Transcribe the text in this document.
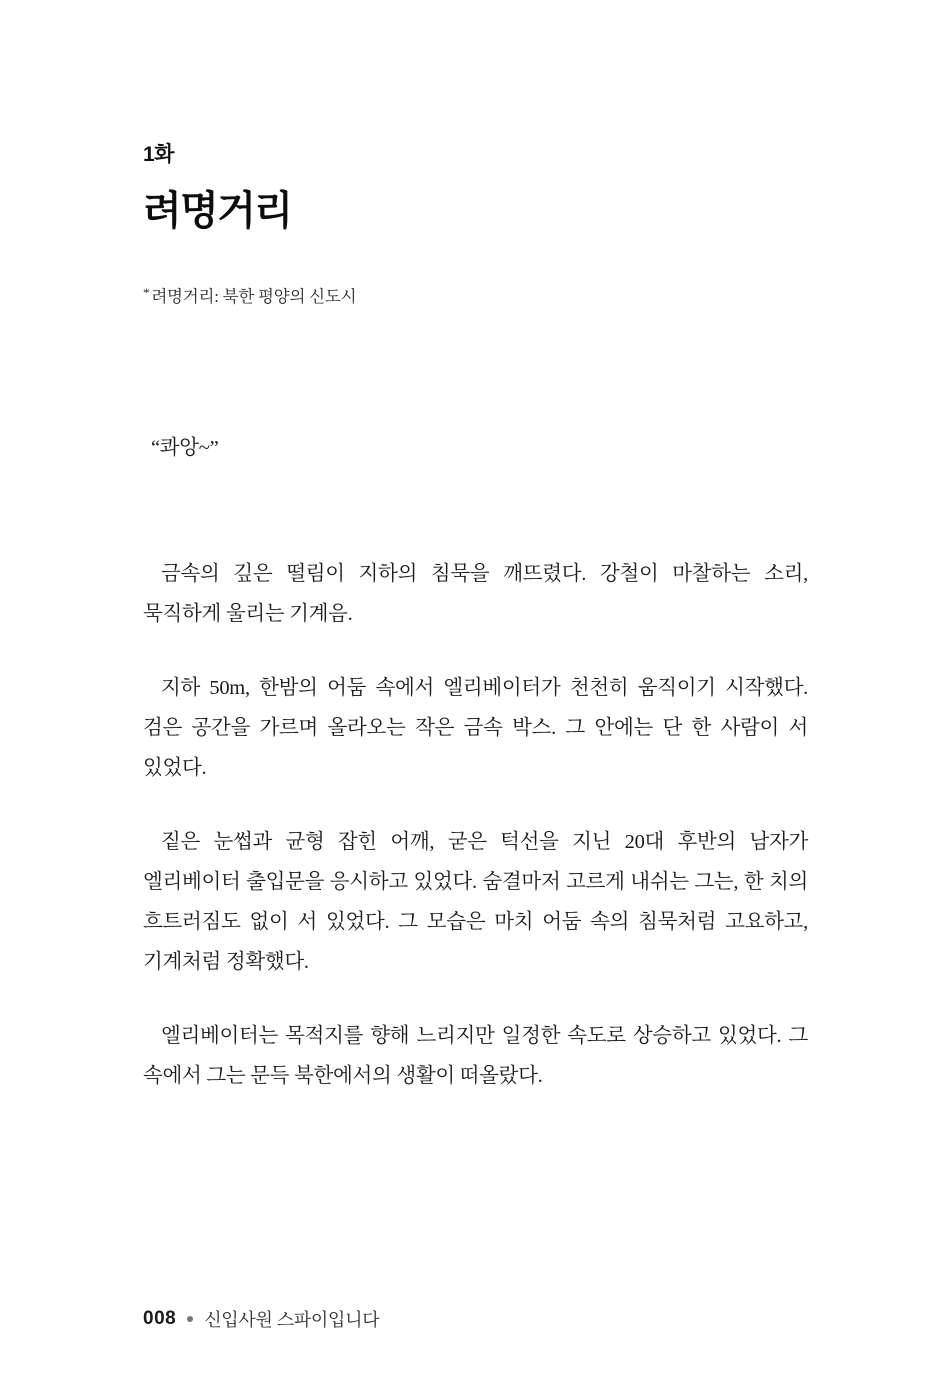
1화
려명거리
* 려명거리: 북한 평양의 신도시

“콰앙~”

금속의 깊은 떨림이 지하의 침묵을 깨뜨렸다. 강철이 마찰하는 소리, 묵직하게 울리는 기계음.

지하 50m, 한밤의 어둠 속에서 엘리베이터가 천천히 움직이기 시작했다. 검은 공간을 가르며 올라오는 작은 금속 박스. 그 안에는 단 한 사람이 서 있었다.

짙은 눈썹과 균형 잡힌 어깨, 굳은 턱선을 지닌 20대 후반의 남자가 엘리베이터 출입문을 응시하고 있었다. 숨결마저 고르게 내쉬는 그는, 한 치의 흐트러짐도 없이 서 있었다. 그 모습은 마치 어둠 속의 침묵처럼 고요하고, 기계처럼 정확했다.

엘리베이터는 목적지를 향해 느리지만 일정한 속도로 상승하고 있었다. 그 속에서 그는 문득 북한에서의 생활이 떠올랐다.

008 신입사원 스파이입니다
